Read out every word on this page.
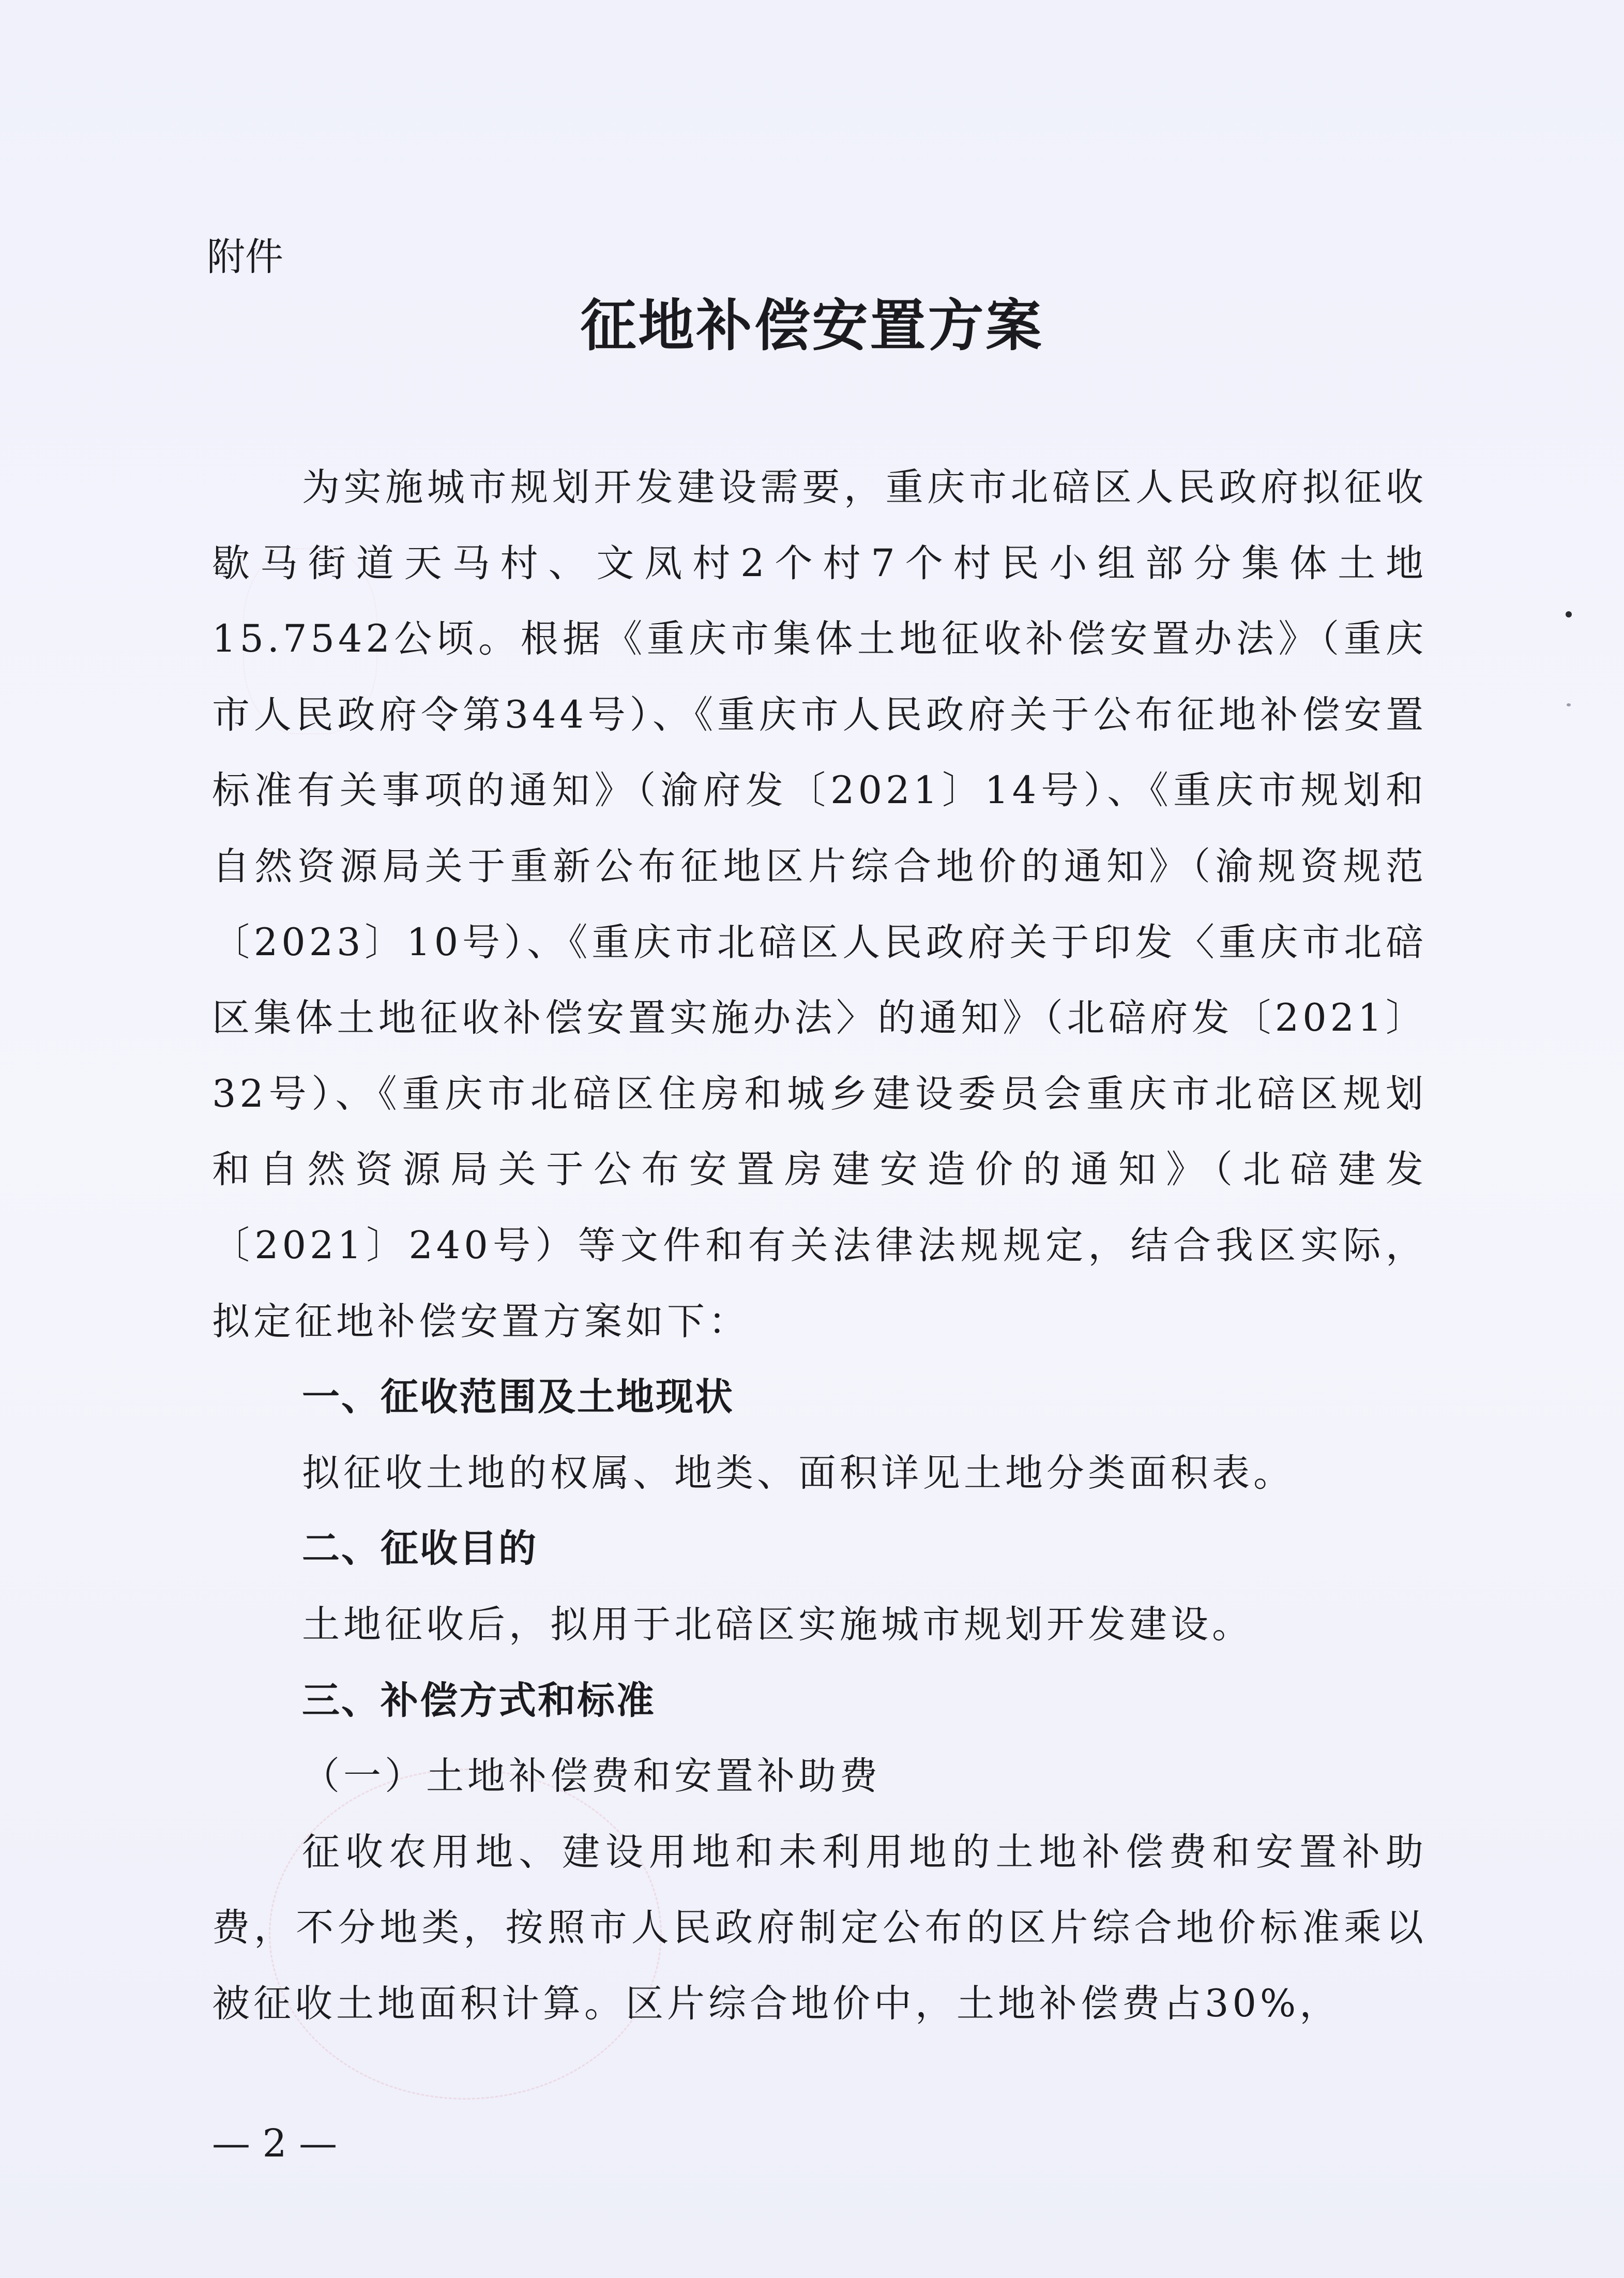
附件
征地补偿安置方案

为实施城市规划开发建设需要，重庆市北碚区人民政府拟征收歇马街道天马村、文凤村2个村7个村民小组部分集体土地15.7542公顷。根据《重庆市集体土地征收补偿安置办法》（重庆市人民政府令第344号）、《重庆市人民政府关于公布征地补偿安置标准有关事项的通知》（渝府发〔2021〕14号）、《重庆市规划和自然资源局关于重新公布征地区片综合地价的通知》（渝规资规范〔2023〕10号）、《重庆市北碚区人民政府关于印发〈重庆市北碚区集体土地征收补偿安置实施办法〉的通知》（北碚府发〔2021〕32号）、《重庆市北碚区住房和城乡建设委员会重庆市北碚区规划和自然资源局关于公布安置房建安造价的通知》（北碚建发〔2021〕240号）等文件和有关法律法规规定，结合我区实际，拟定征地补偿安置方案如下：

一、征收范围及土地现状

拟征收土地的权属、地类、面积详见土地分类面积表。

二、征收目的

土地征收后，拟用于北碚区实施城市规划开发建设。

三、补偿方式和标准

（一）土地补偿费和安置补助费

征收农用地、建设用地和未利用地的土地补偿费和安置补助费，不分地类，按照市人民政府制定公布的区片综合地价标准乘以被征收土地面积计算。区片综合地价中，土地补偿费占30%，

— 2 —
